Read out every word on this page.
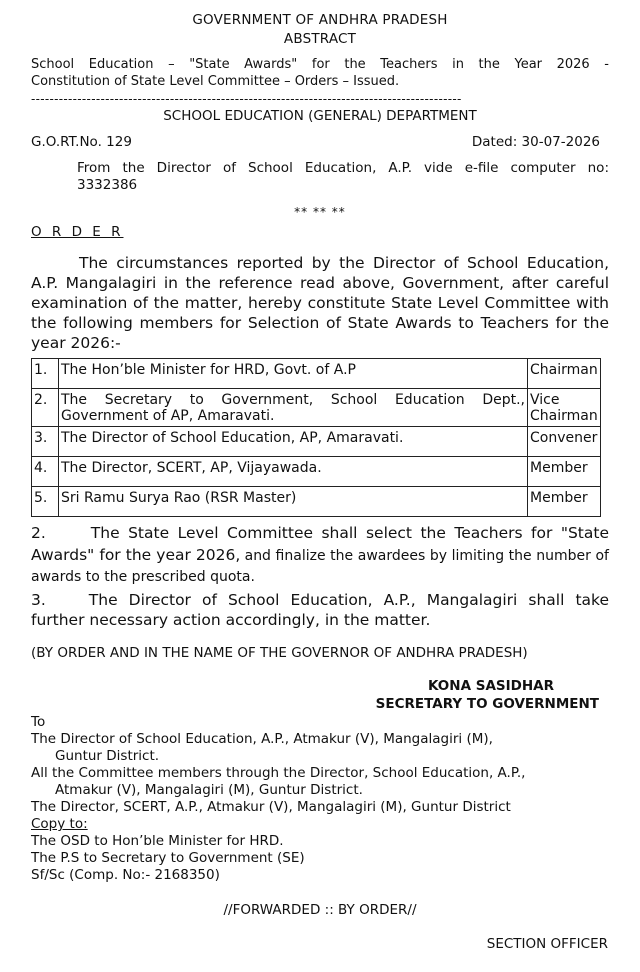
GOVERNMENT OF ANDHRA PRADESH
ABSTRACT
School Education – "State Awards" for the Teachers in the Year 2026 -
Constitution of State Level Committee – Orders – Issued.
---------------------------------------------------------------------------------------------
SCHOOL EDUCATION (GENERAL) DEPARTMENT
G.O.RT.No. 129	Dated: 30-07-2026
From the Director of School Education, A.P. vide e-file computer no:
3332386
** ** **
O R D E R
The circumstances reported by the Director of School Education, A.P. Mangalagiri in the reference read above, Government, after careful examination of the matter, hereby constitute State Level Committee with the following members for Selection of State Awards to Teachers for the year 2026:-
1.	The Hon’ble Minister for HRD, Govt. of A.P	Chairman
2.	The Secretary to Government, School Education Dept., Government of AP, Amaravati.	Vice Chairman
3.	The Director of School Education, AP, Amaravati.	Convener
4.	The Director, SCERT, AP, Vijayawada.	Member
5.	Sri Ramu Surya Rao (RSR Master)	Member
2.	The State Level Committee shall select the Teachers for "State Awards" for the year 2026, and finalize the awardees by limiting the number of awards to the prescribed quota.
3.	The Director of School Education, A.P., Mangalagiri shall take further necessary action accordingly, in the matter.
(BY ORDER AND IN THE NAME OF THE GOVERNOR OF ANDHRA PRADESH)
KONA SASIDHAR
SECRETARY TO GOVERNMENT
To
The Director of School Education, A.P., Atmakur (V), Mangalagiri (M),
Guntur District.
All the Committee members through the Director, School Education, A.P.,
Atmakur (V), Mangalagiri (M), Guntur District.
The Director, SCERT, A.P., Atmakur (V), Mangalagiri (M), Guntur District
Copy to:
The OSD to Hon’ble Minister for HRD.
The P.S to Secretary to Government (SE)
Sf/Sc (Comp. No:- 2168350)
//FORWARDED :: BY ORDER//
SECTION OFFICER
